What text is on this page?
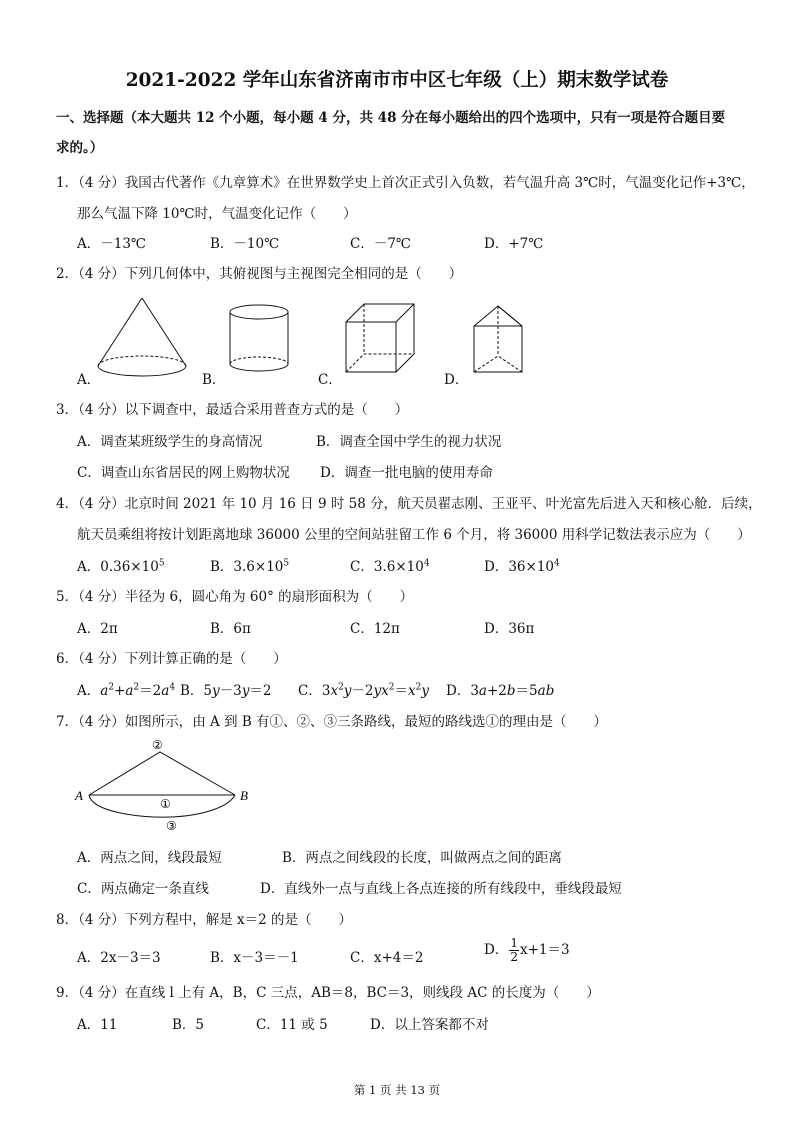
2021-2022 学年山东省济南市市中区七年级（上）期末数学试卷
一、选择题（本大题共 12 个小题，每小题 4 分，共 48 分在每小题给出的四个选项中，只有一项是符合题目要
求的。）
1．（4 分）我国古代著作《九章算术》在世界数学史上首次正式引入负数，若气温升高 3℃时，气温变化记作+3℃，
那么气温下降 10℃时，气温变化记作（　　）
A．－13℃	B．－10℃	C．－7℃	D．+7℃
2．（4 分）下列几何体中，其俯视图与主视图完全相同的是（　　）
A．	B．	C．	D．
3．（4 分）以下调查中，最适合采用普查方式的是（　　）
A．调查某班级学生的身高情况	B．调查全国中学生的视力状况
C．调查山东省居民的网上购物状况 D．调查一批电脑的使用寿命
4．（4 分）北京时间 2021 年 10 月 16 日 9 时 58 分，航天员翟志刚、王亚平、叶光富先后进入天和核心舱．后续，
航天员乘组将按计划距离地球 36000 公里的空间站驻留工作 6 个月，将 36000 用科学记数法表示应为（　　）
A．$0.36\times 10^5$	B．$3.6\times 10^5$	C．$3.6\times 10^4$	D．$36\times 10^4$
5．（4 分）半径为 6，圆心角为 60° 的扇形面积为（　　）
A．2π	B．6π	C．12π	D．36π
6．（4 分）下列计算正确的是（　　）
A．$a^2+a^2=2a^4$ B．5y－3y＝2 C．$3x^2y-2yx^2=x^2y$ D．3a+2b＝5ab
7．（4 分）如图所示，由 A 到 B 有①、②、③三条路线，最短的路线选①的理由是（　　）
A	B
①
②
③
A．两点之间，线段最短	B．两点之间线段的长度，叫做两点之间的距离
C．两点确定一条直线	D．直线外一点与直线上各点连接的所有线段中，垂线段最短
8．（4 分）下列方程中，解是 x＝2 的是（　　）
A．2x－3＝3	B．x－3＝－1	C．x+4＝2	D． $\frac{1}{2} x+1=3$
9．（4 分）在直线 l 上有 A，B，C 三点，AB＝8，BC＝3，则线段 AC 的长度为（　　）
A．11	B．5	C．11 或 5	D．以上答案都不对
第 1 页 共 13 页
